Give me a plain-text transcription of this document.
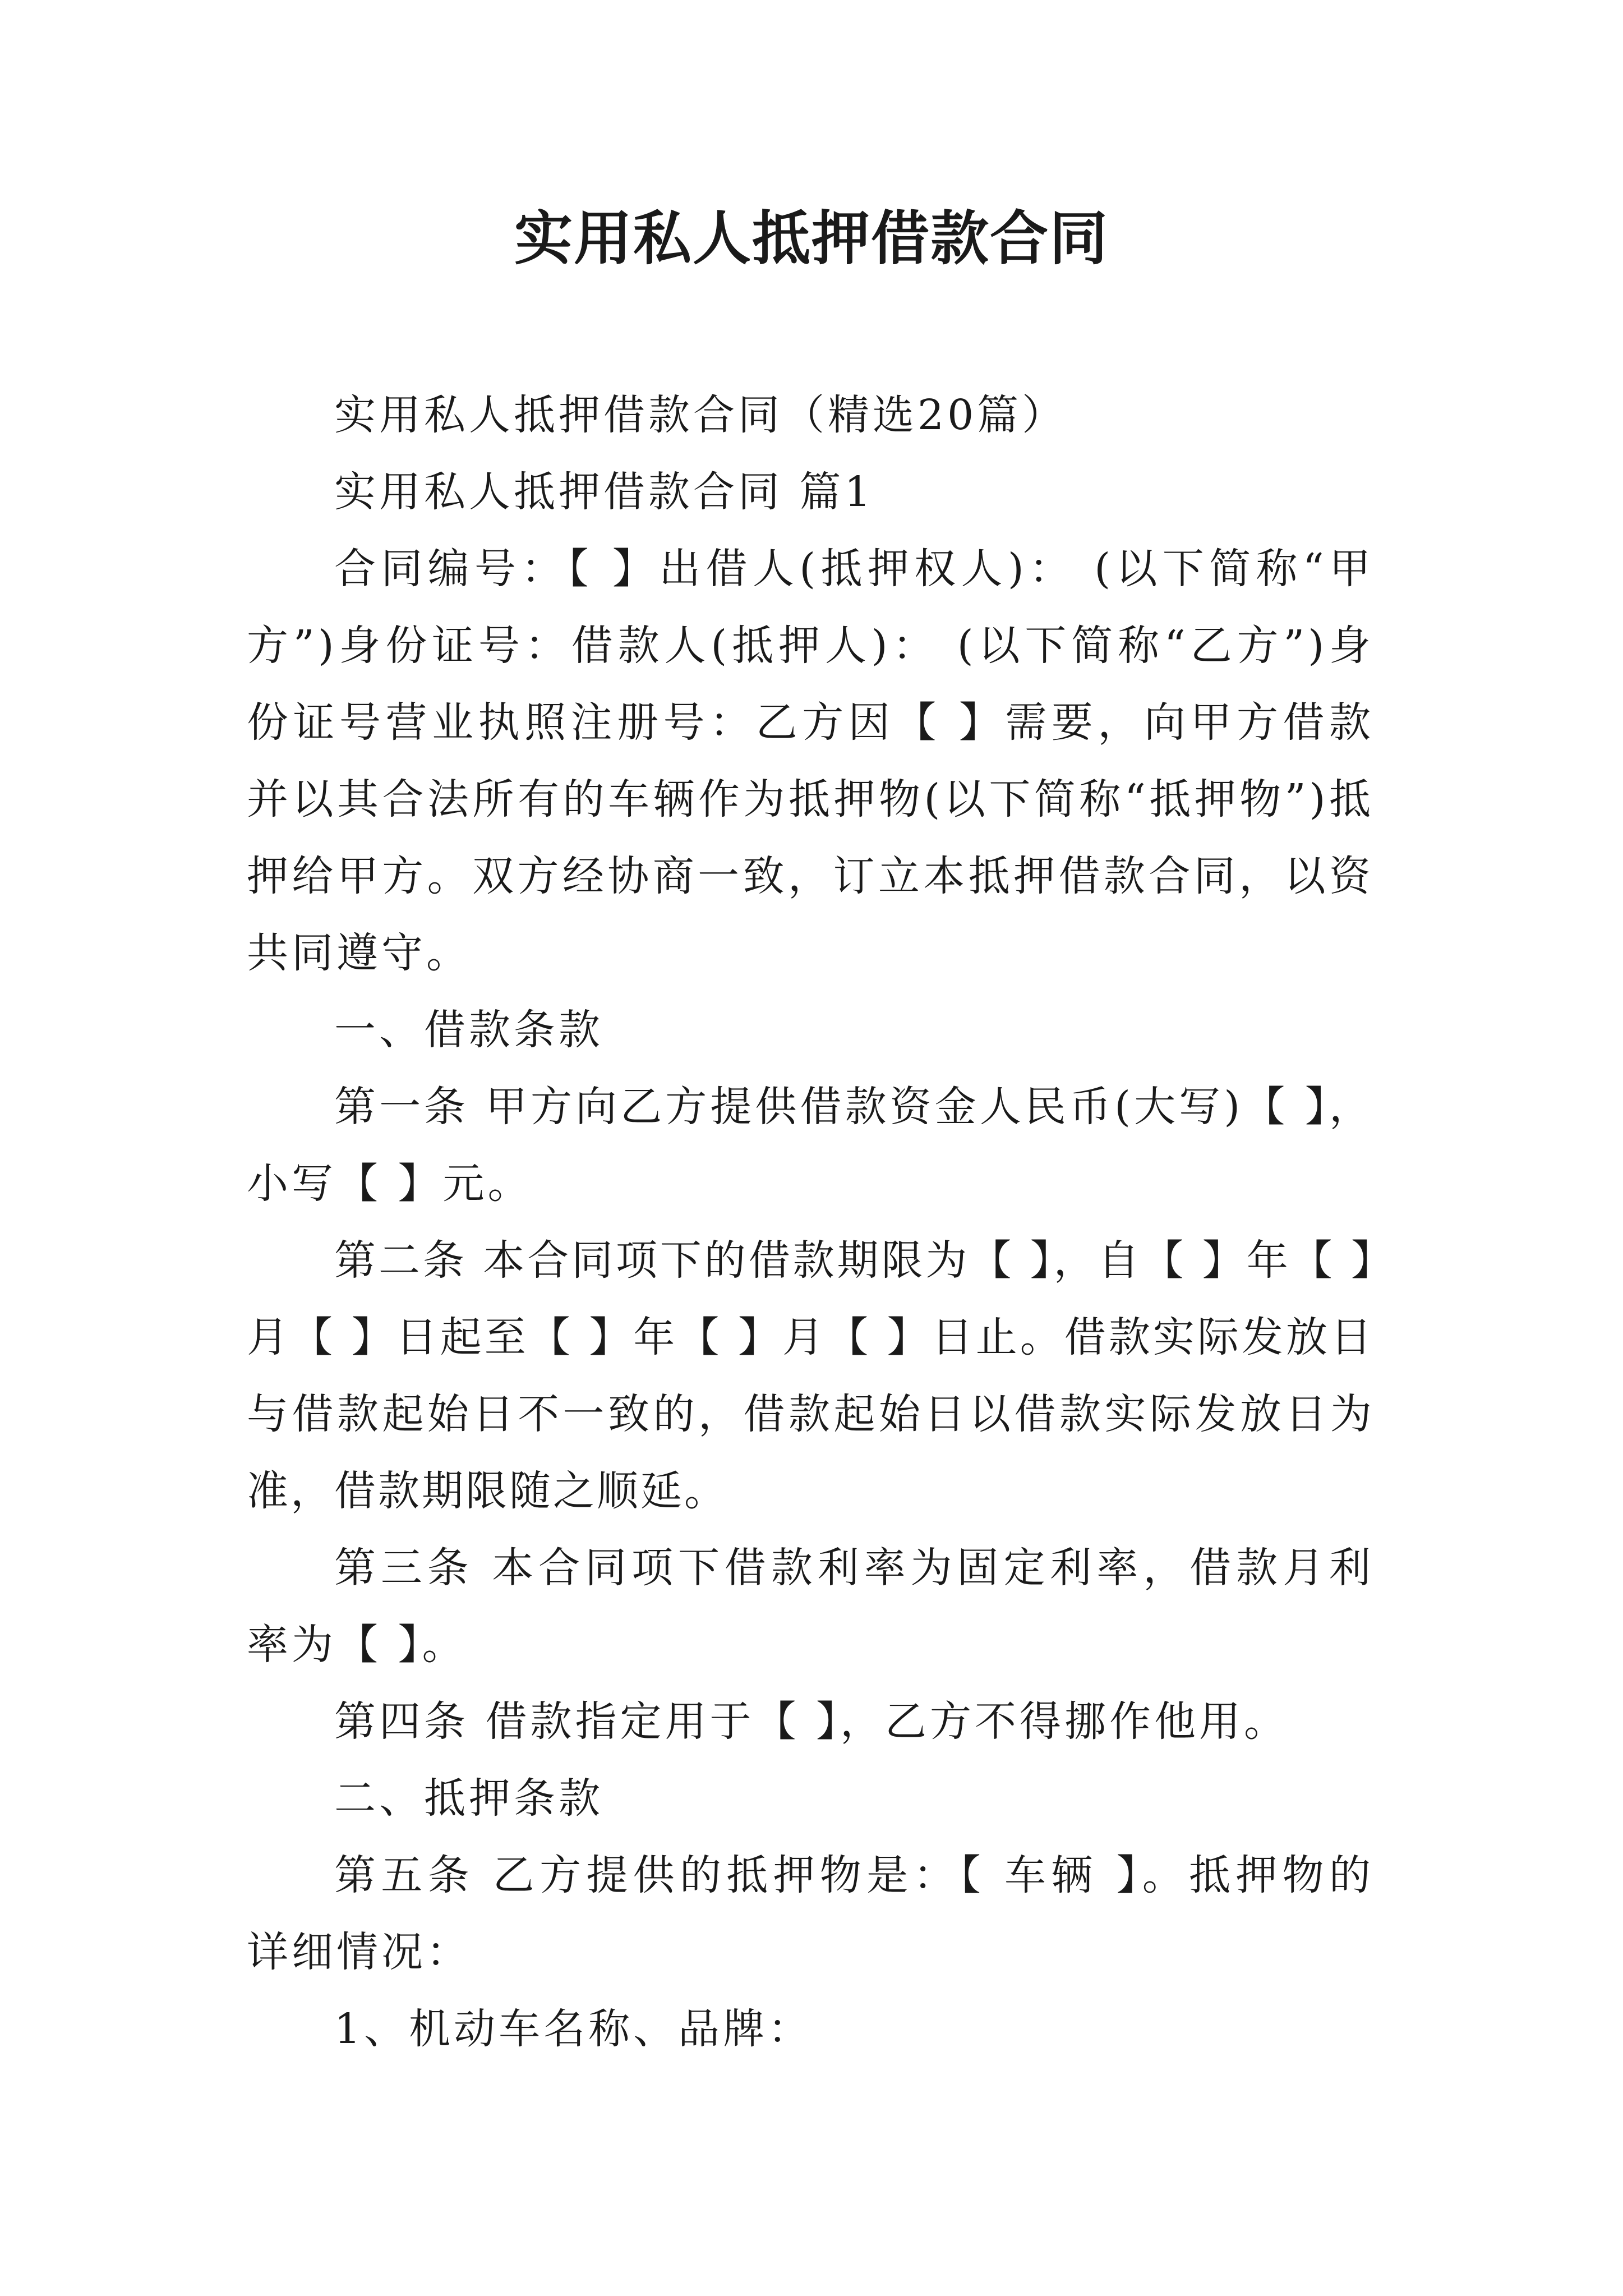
实用私人抵押借款合同

实用私人抵押借款合同（精选20篇）

实用私人抵押借款合同 篇1

合同编号：【 】出借人(抵押权人)： (以下简称“甲方”)身份证号：借款人(抵押人)： (以下简称“乙方”)身份证号营业执照注册号：乙方因【 】需要，向甲方借款并以其合法所有的车辆作为抵押物(以下简称“抵押物”)抵押给甲方。双方经协商一致，订立本抵押借款合同，以资共同遵守。

一、借款条款

第一条 甲方向乙方提供借款资金人民币(大写)【 】，小写【 】元。

第二条 本合同项下的借款期限为【 】，自【 】年【 】月【 】日起至【 】年【 】月【 】日止。借款实际发放日与借款起始日不一致的，借款起始日以借款实际发放日为准，借款期限随之顺延。

第三条 本合同项下借款利率为固定利率，借款月利率为【 】。

第四条 借款指定用于【 】，乙方不得挪作他用。

二、抵押条款

第五条 乙方提供的抵押物是：【 车辆 】。抵押物的详细情况：

1、机动车名称、品牌：
